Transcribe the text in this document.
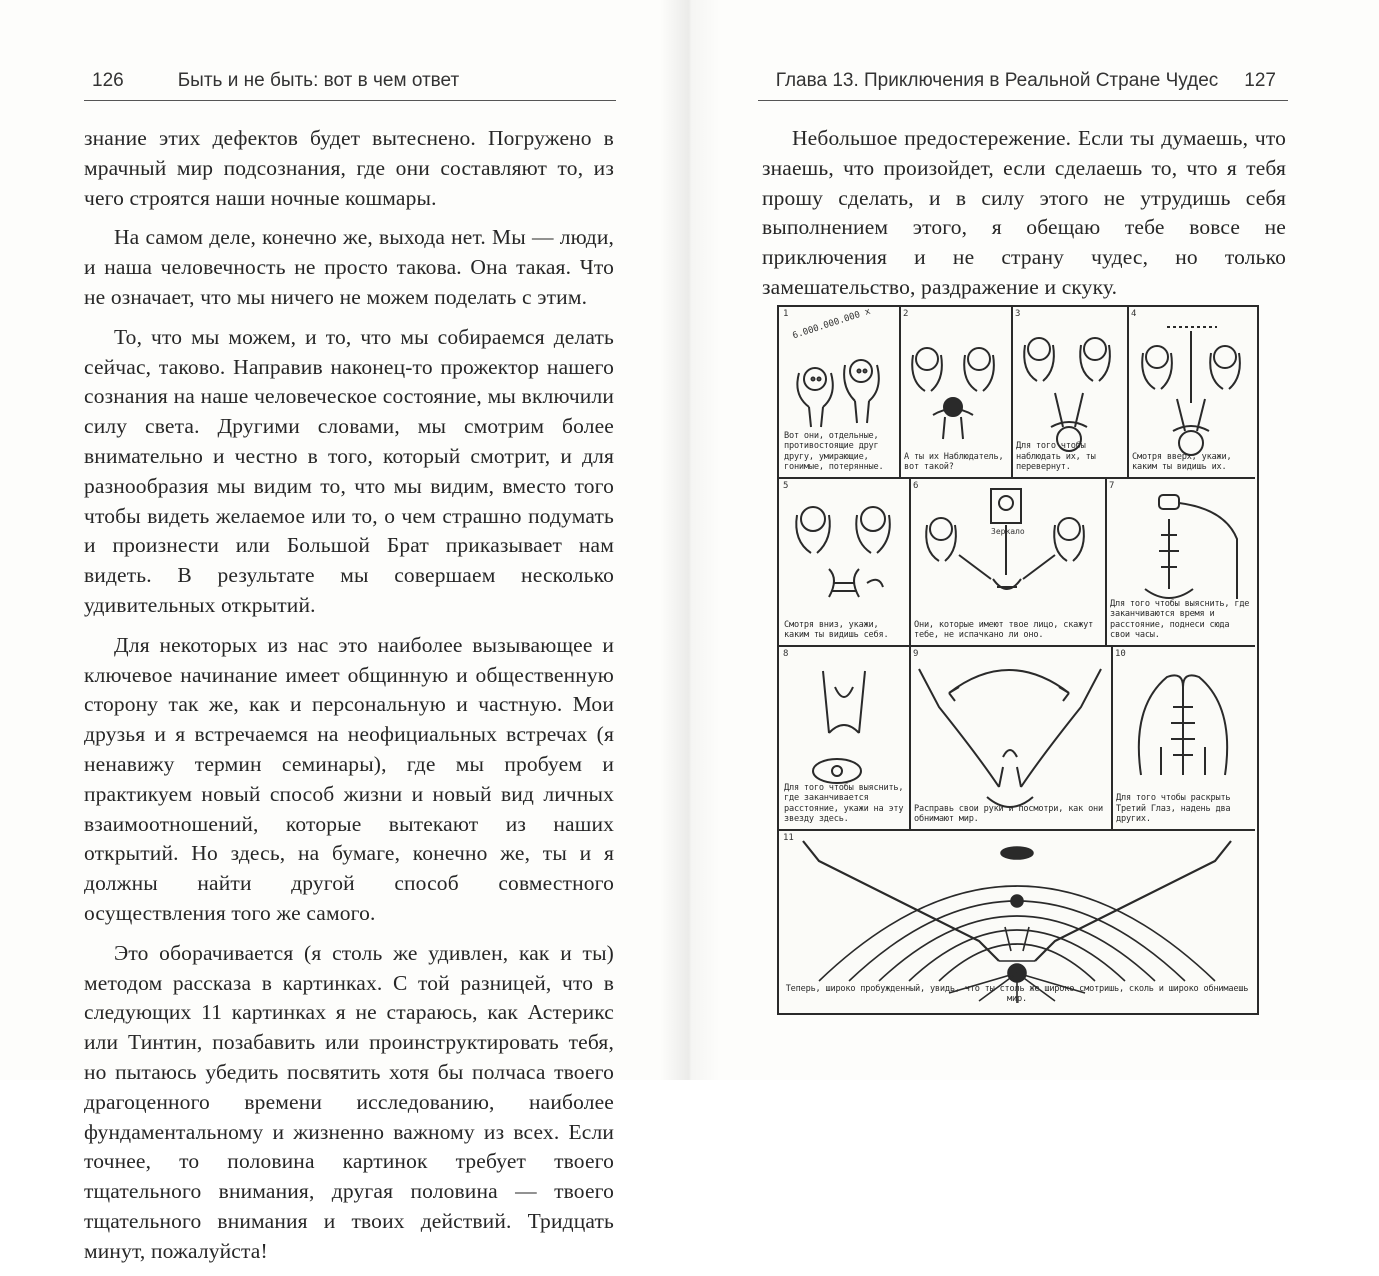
126	Быть и не быть: вот в чем ответ

знание этих дефектов будет вытеснено. Погружено в мрачный мир подсознания, где они составляют то, из чего строятся наши ночные кошмары.

На самом деле, конечно же, выхода нет. Мы — люди, и наша человечность не просто такова. Она такая. Что не означает, что мы ничего не можем поделать с этим.

То, что мы можем, и то, что мы собираемся делать сейчас, таково. Направив наконец-то прожектор нашего сознания на наше человеческое состояние, мы включили силу света. Другими словами, мы смотрим более внимательно и честно в того, который смотрит, и для разнообразия мы видим то, что мы видим, вместо того чтобы видеть желаемое или то, о чем страшно подумать и произнести или Большой Брат приказывает нам видеть. В результате мы совершаем несколько удивительных открытий.

Для некоторых из нас это наиболее вызывающее и ключевое начинание имеет общинную и общественную сторону так же, как и персональную и частную. Мои друзья и я встречаемся на неофициальных встречах (я ненавижу термин семинары), где мы пробуем и практикуем новый способ жизни и новый вид личных взаимоотношений, которые вытекают из наших открытий. Но здесь, на бумаге, конечно же, ты и я должны найти другой способ совместного осуществления того же самого.

Это оборачивается (я столь же удивлен, как и ты) методом рассказа в картинках. С той разницей, что в следующих 11 картинках я не стараюсь, как Астерикс или Тинтин, позабавить или проинструктировать тебя, но пытаюсь убедить посвятить хотя бы полчаса твоего драгоценного времени исследованию, наиболее фундаментальному и жизненно важному из всех. Если точнее, то половина картинок требует твоего тщательного внимания, другая половина — твоего тщательного внимания и твоих действий. Тридцать минут, пожалуйста!

Глава 13. Приключения в Реальной Стране Чудес 127

Небольшое предостережение. Если ты думаешь, что знаешь, что произойдет, если сделаешь то, что я тебя прошу сделать, и в силу этого не утрудишь себя выполнением этого, я обещаю тебе вовсе не приключения и не страну чудес, но только замешательство, раздражение и скуку.

1 6.000.000.000 x
Вот они, отдельные, противостоящие друг другу, умирающие, гонимые, потерянные.
2
А ты их Наблюдатель, вот такой?
3
Для того чтобы наблюдать их, ты перевернут.
4
Смотря вверх, укажи, каким ты видишь их.
5
Смотря вниз, укажи, каким ты видишь себя.
6
Зеркало
Они, которые имеют твое лицо, скажут тебе, не испачкано ли оно.
7
Для того чтобы выяснить, где заканчиваются время и расстояние, поднеси сюда свои часы.
8
Для того чтобы выяснить, где заканчивается расстояние, укажи на эту звезду здесь.
9
Расправь свои руки и посмотри, как они обнимают мир.
10
Для того чтобы раскрыть Третий Глаз, надень два других.
11
Теперь, широко пробужденный, увидь, что ты столь же широко смотришь, сколь и широко обнимаешь мир.
